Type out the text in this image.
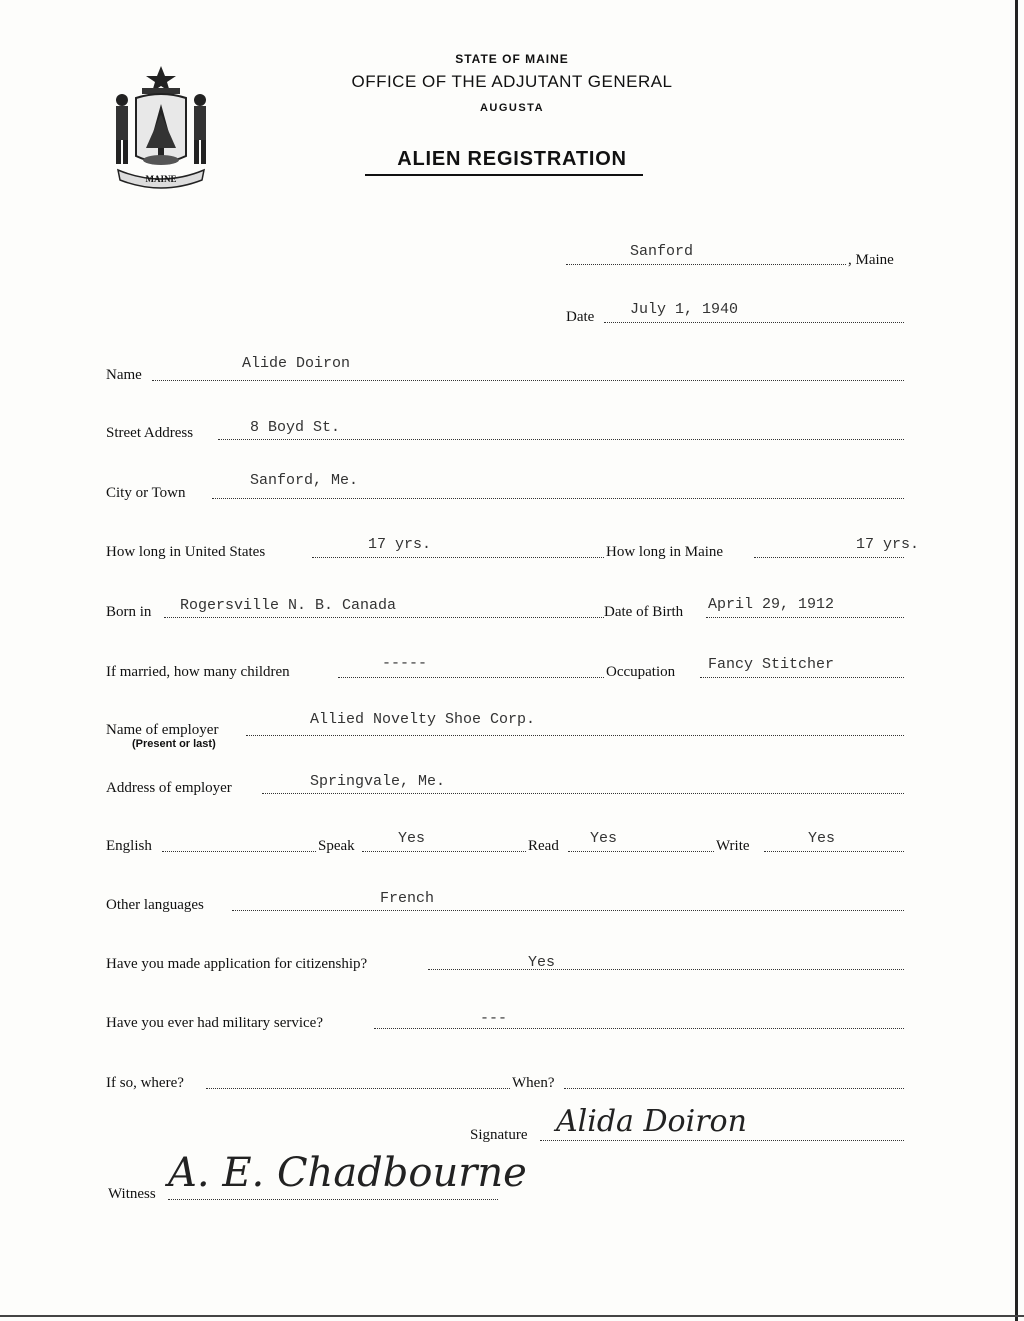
MAINE
STATE OF MAINE
OFFICE OF THE ADJUTANT GENERAL
AUGUSTA
ALIEN REGISTRATION
Sanford	, Maine
Date July 1, 1940
Name
Alide Doiron
Street Address	8 Boyd St.
City or Town
Sanford, Me.
How long in United States	17 yrs.	How long in Maine	17 yrs.
Born in Rogersville N. B. Canada	Date of Birth April 29, 1912
If married, how many children	-----	Occupation Fancy Stitcher
Name of employer
(Present or last)
Allied Novelty Shoe Corp.
Address of employer	Springvale, Me.
English	Speak	Yes	Read Yes	Write	Yes
Other languages	French
Have you made application for citizenship?	Yes
Have you ever had military service?	---
If so, where?	When?
Signature Alida Doiron
Witness A. E. Chadbourne
